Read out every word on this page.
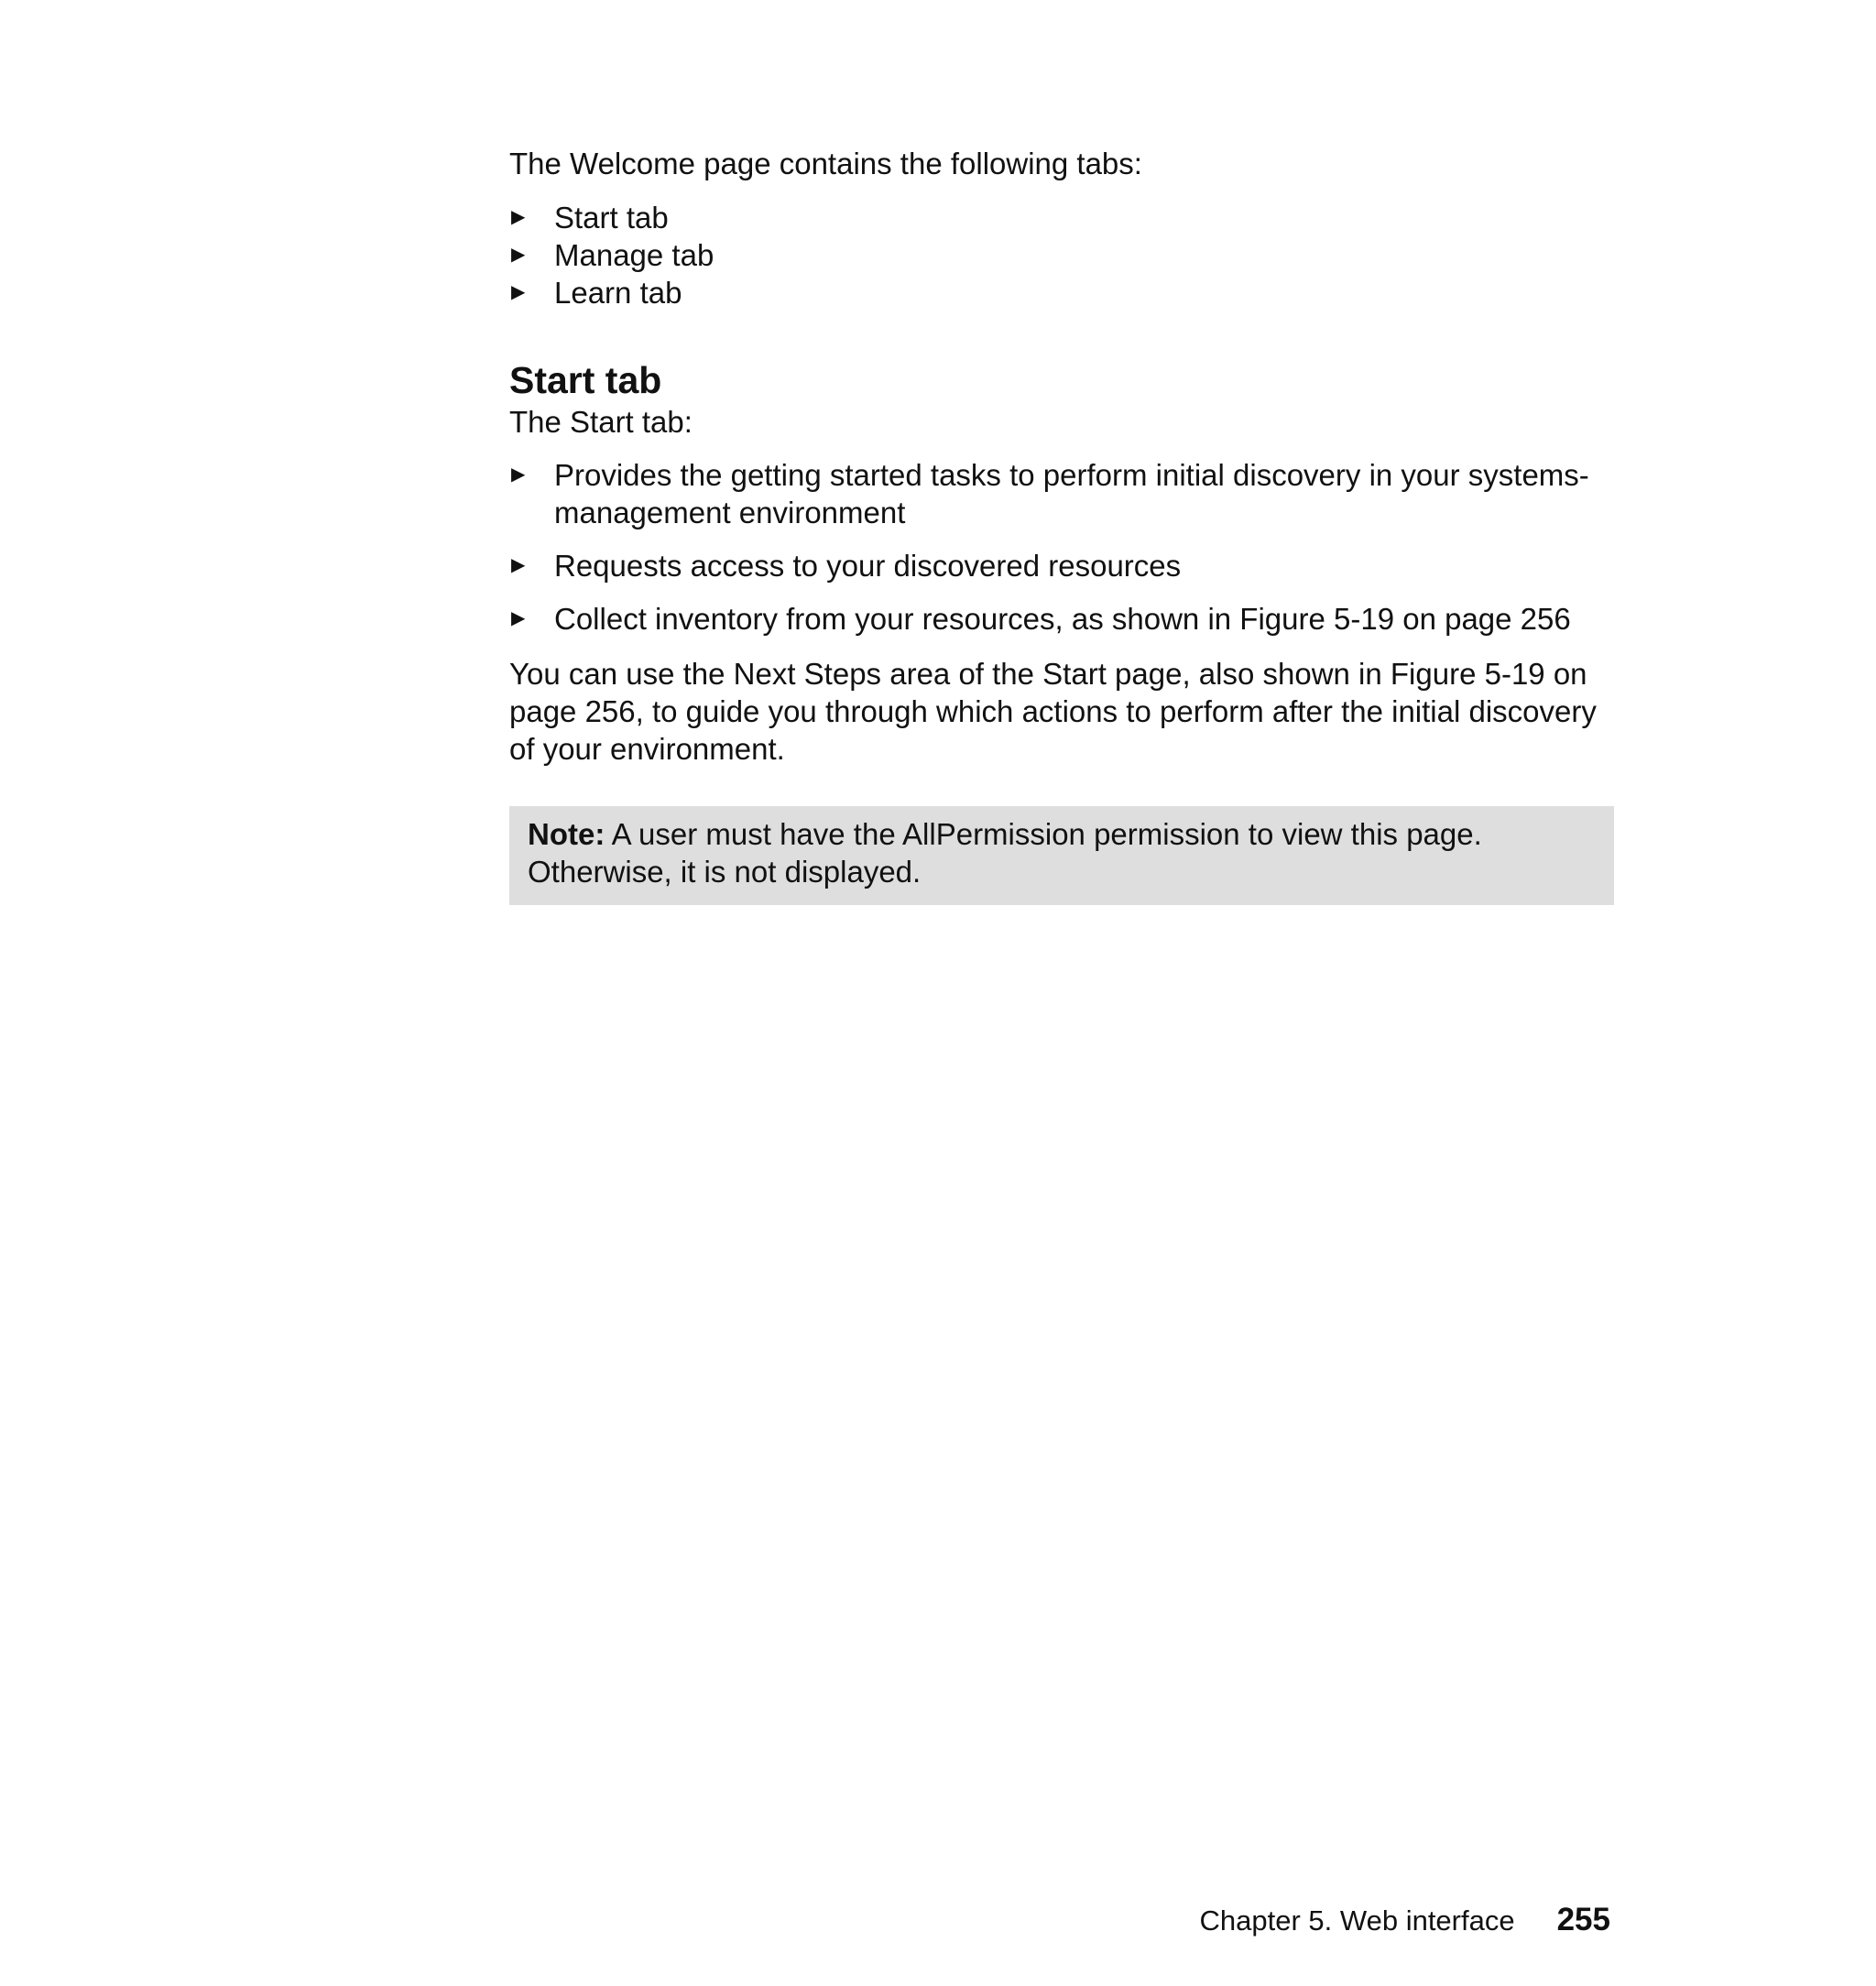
The Welcome page contains the following tabs:

▶ Start tab
▶ Manage tab
▶ Learn tab
Start tab

The Start tab:

▶ Provides the getting started tasks to perform initial discovery in your systems-management environment
▶ Requests access to your discovered resources
▶ Collect inventory from your resources, as shown in Figure 5-19 on page 256

You can use the Next Steps area of the Start page, also shown in Figure 5-19 on page 256, to guide you through which actions to perform after the initial discovery of your environment.

Note: A user must have the AllPermission permission to view this page. Otherwise, it is not displayed.
Chapter 5. Web interface 255
